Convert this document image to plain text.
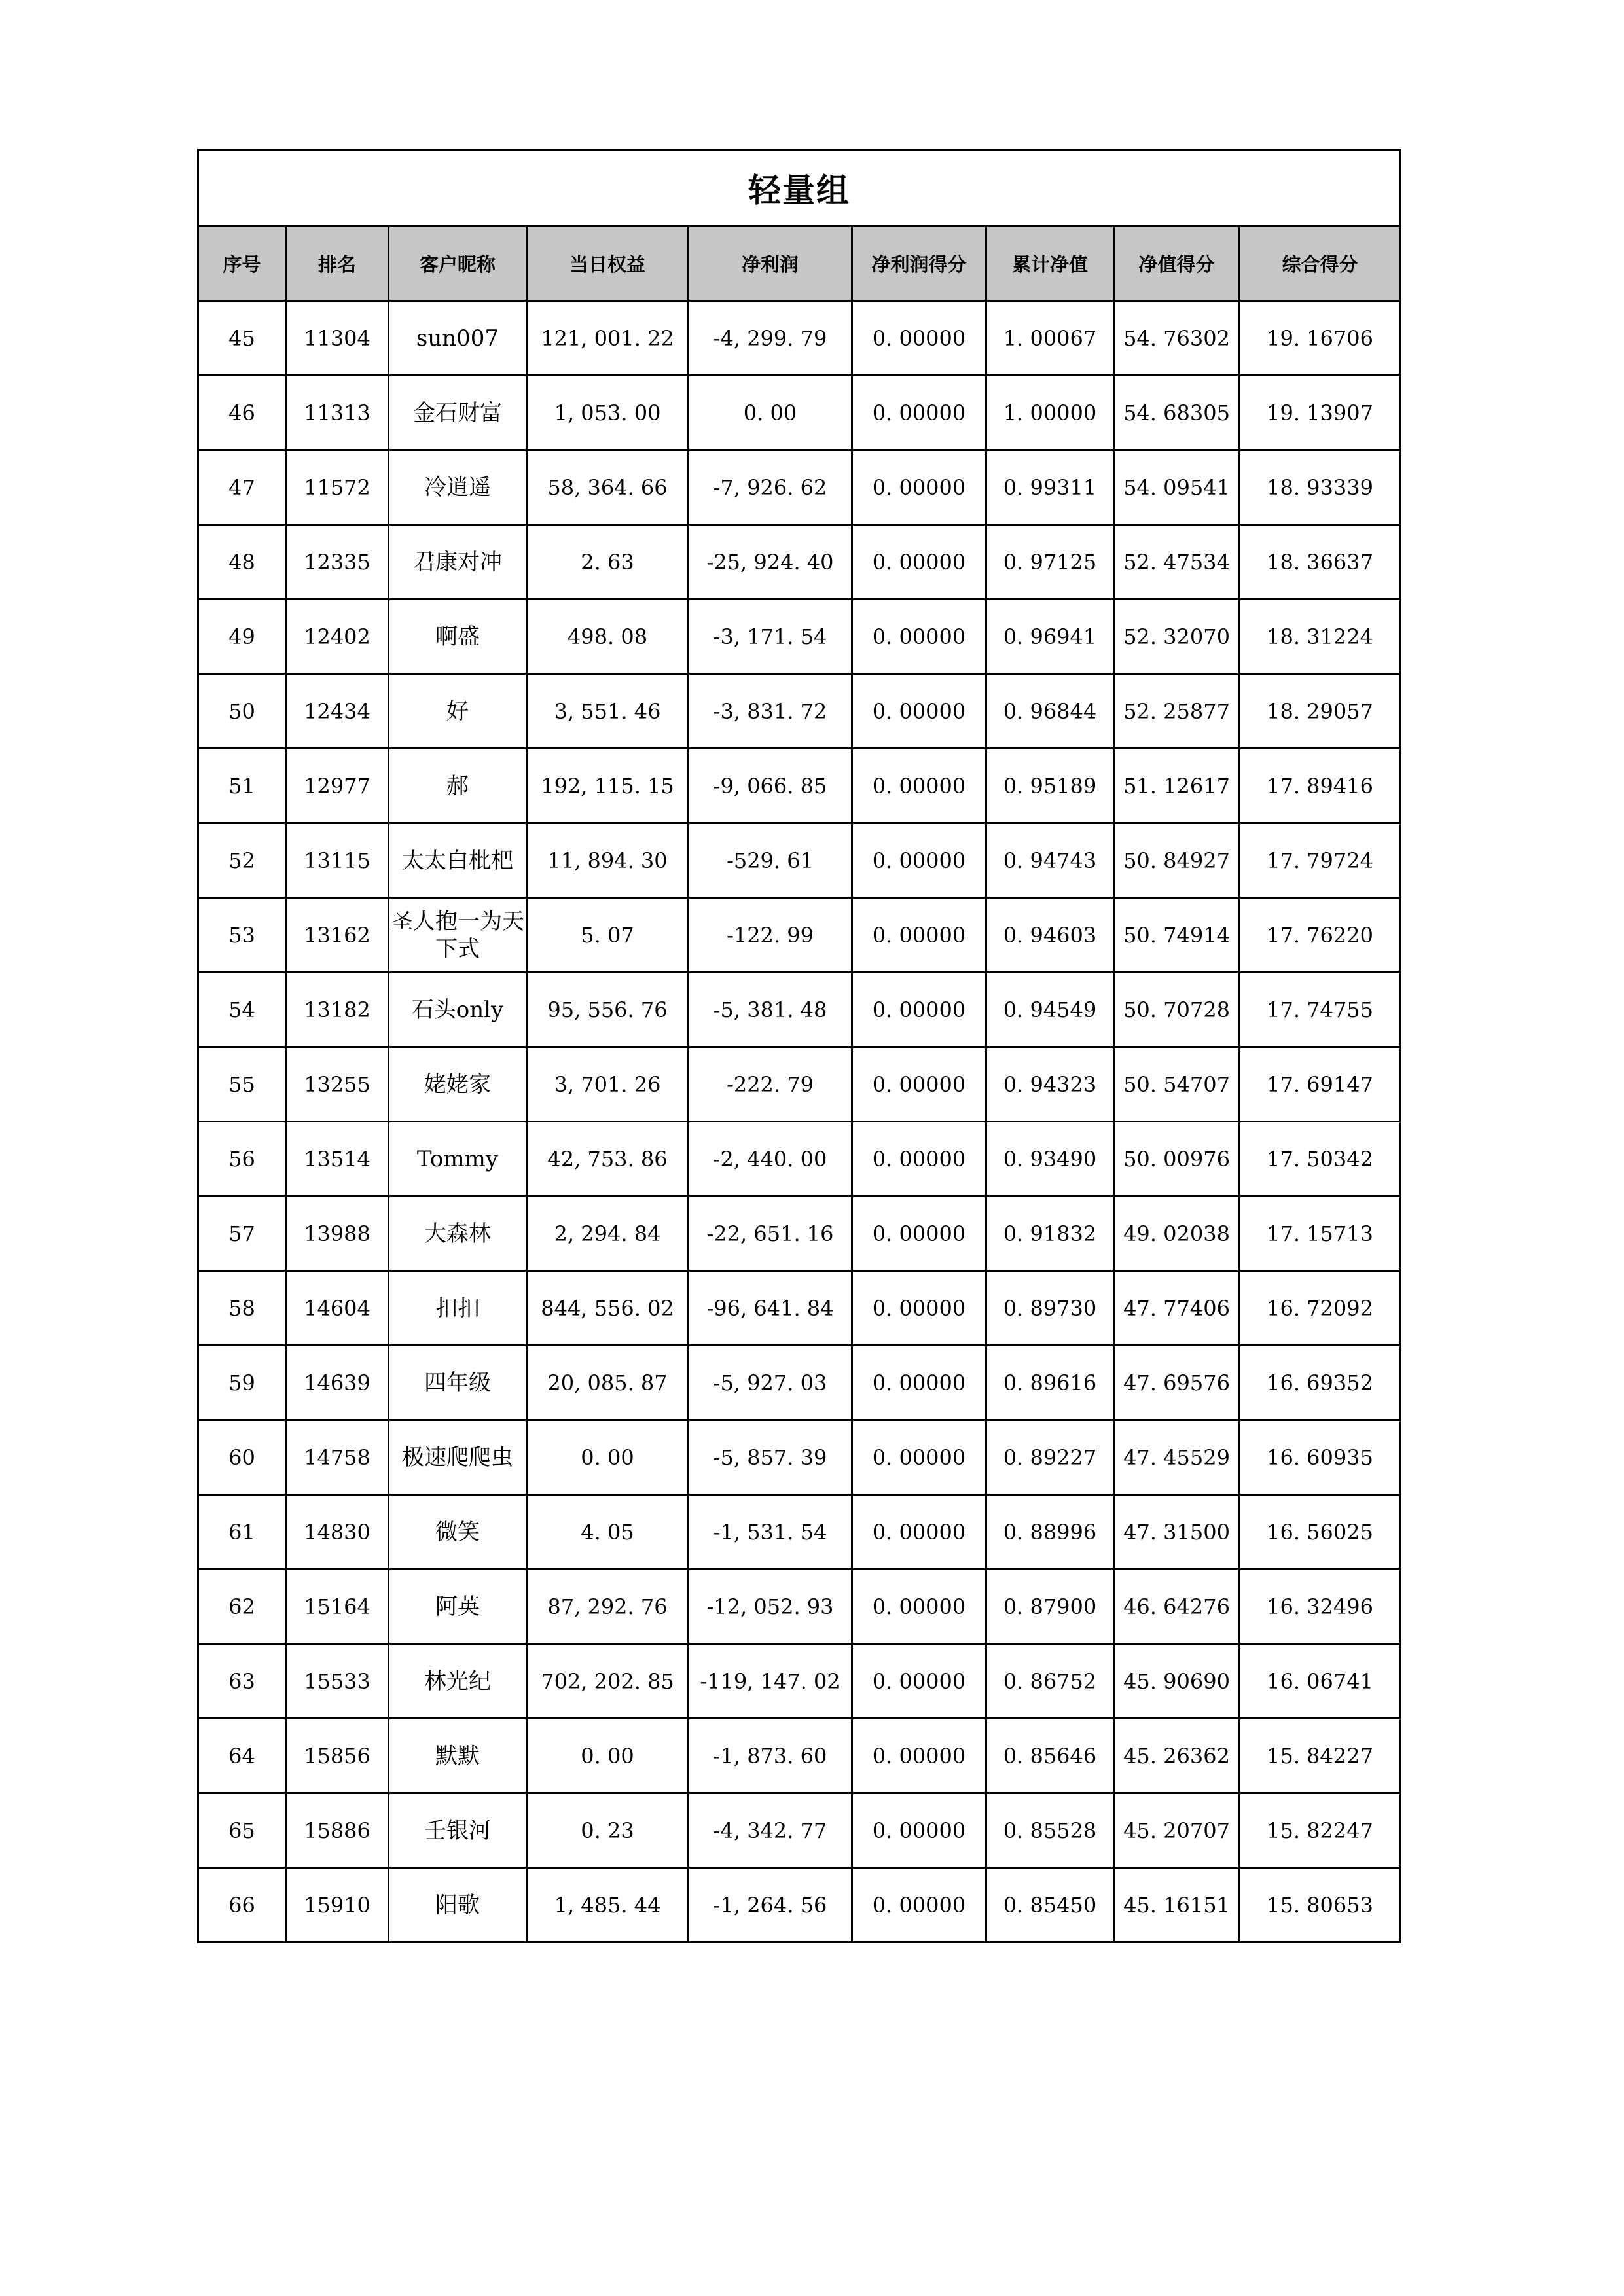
轻量组								
序号	排名	客户昵称	当日权益	净利润	净利润得分	累计净值	净值得分	综合得分
45	11304	sun007	121, 001. 22	-4, 299. 79	0. 00000	1. 00067	54. 76302	19. 16706
46	11313	金石财富	1, 053. 00	0. 00	0. 00000	1. 00000	54. 68305	19. 13907
47	11572	冷逍遥	58, 364. 66	-7, 926. 62	0. 00000	0. 99311	54. 09541	18. 93339
48	12335	君康对冲	2. 63	-25, 924. 40	0. 00000	0. 97125	52. 47534	18. 36637
49	12402	啊盛	498. 08	-3, 171. 54	0. 00000	0. 96941	52. 32070	18. 31224
50	12434	好	3, 551. 46	-3, 831. 72	0. 00000	0. 96844	52. 25877	18. 29057
51	12977	郝	192, 115. 15	-9, 066. 85	0. 00000	0. 95189	51. 12617	17. 89416
52	13115	太太白枇杷	11, 894. 30	-529. 61	0. 00000	0. 94743	50. 84927	17. 79724
53	13162	圣人抱一为天下式	5. 07	-122. 99	0. 00000	0. 94603	50. 74914	17. 76220
54	13182	石头only	95, 556. 76	-5, 381. 48	0. 00000	0. 94549	50. 70728	17. 74755
55	13255	姥姥家	3, 701. 26	-222. 79	0. 00000	0. 94323	50. 54707	17. 69147
56	13514	Tommy	42, 753. 86	-2, 440. 00	0. 00000	0. 93490	50. 00976	17. 50342
57	13988	大森林	2, 294. 84	-22, 651. 16	0. 00000	0. 91832	49. 02038	17. 15713
58	14604	扣扣	844, 556. 02	-96, 641. 84	0. 00000	0. 89730	47. 77406	16. 72092
59	14639	四年级	20, 085. 87	-5, 927. 03	0. 00000	0. 89616	47. 69576	16. 69352
60	14758	极速爬爬虫	0. 00	-5, 857. 39	0. 00000	0. 89227	47. 45529	16. 60935
61	14830	微笑	4. 05	-1, 531. 54	0. 00000	0. 88996	47. 31500	16. 56025
62	15164	阿英	87, 292. 76	-12, 052. 93	0. 00000	0. 87900	46. 64276	16. 32496
63	15533	林光纪	702, 202. 85	-119, 147. 02	0. 00000	0. 86752	45. 90690	16. 06741
64	15856	默默	0. 00	-1, 873. 60	0. 00000	0. 85646	45. 26362	15. 84227
65	15886	壬银河	0. 23	-4, 342. 77	0. 00000	0. 85528	45. 20707	15. 82247
66	15910	阳歌	1, 485. 44	-1, 264. 56	0. 00000	0. 85450	45. 16151	15. 80653
